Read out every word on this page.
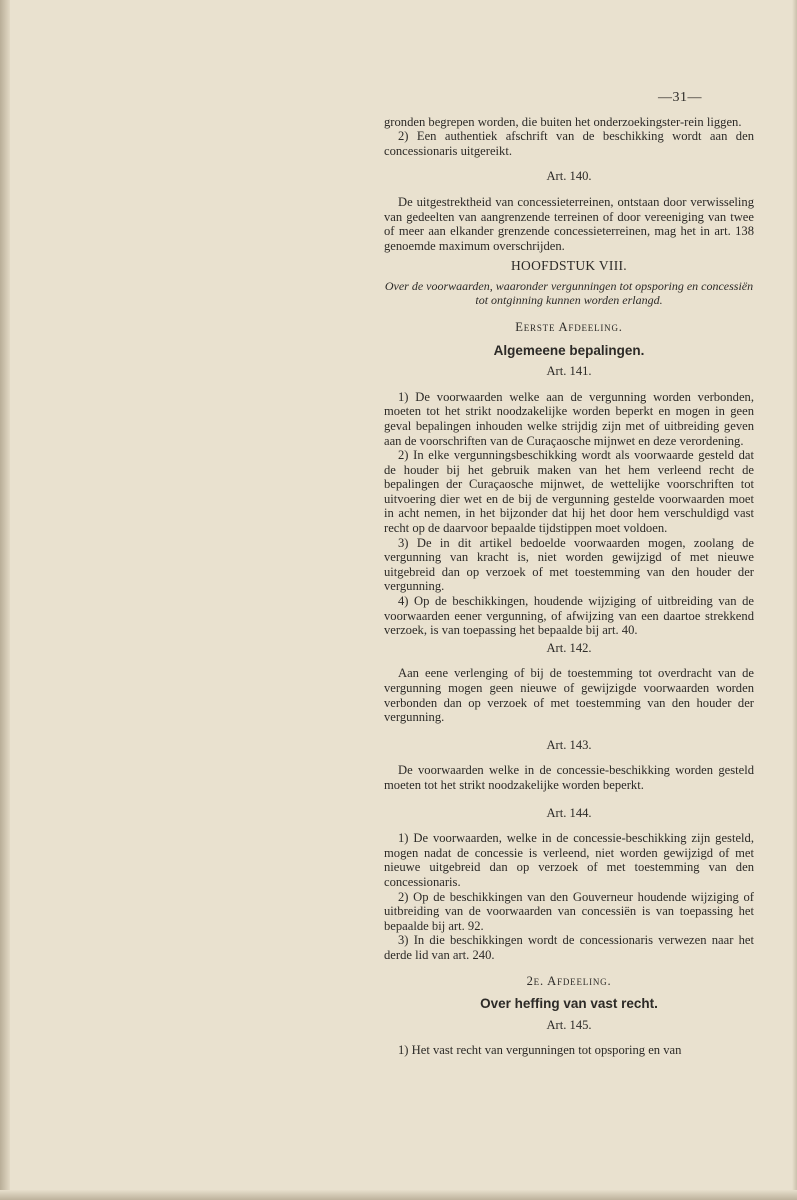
—31—

gronden begrepen worden, die buiten het onderzoekingster-rein liggen.

2) Een authentiek afschrift van de beschikking wordt aan den concessionaris uitgereikt.

Art. 140.

De uitgestrektheid van concessieterreinen, ontstaan door verwisseling van gedeelten van aangrenzende terreinen of door vereeniging van twee of meer aan elkander grenzende concessieterreinen, mag het in art. 138 genoemde maximum overschrijden.

HOOFDSTUK VIII.
Over de voorwaarden, waaronder vergunningen tot opsporing en concessiën tot ontginning kunnen worden erlangd.
Eerste Afdeeling.
Algemeene bepalingen.
Art. 141.

1) De voorwaarden welke aan de vergunning worden verbonden, moeten tot het strikt noodzakelijke worden beperkt en mogen in geen geval bepalingen inhouden welke strijdig zijn met of uitbreiding geven aan de voorschriften van de Curaçaosche mijnwet en deze verordening.

2) In elke vergunningsbeschikking wordt als voorwaarde gesteld dat de houder bij het gebruik maken van het hem verleend recht de bepalingen der Curaçaosche mijnwet, de wettelijke voorschriften tot uitvoering dier wet en de bij de vergunning gestelde voorwaarden moet in acht nemen, in het bijzonder dat hij het door hem verschuldigd vast recht op de daarvoor bepaalde tijdstippen moet voldoen.

3) De in dit artikel bedoelde voorwaarden mogen, zoolang de vergunning van kracht is, niet worden gewijzigd of met nieuwe uitgebreid dan op verzoek of met toestemming van den houder der vergunning.

4) Op de beschikkingen, houdende wijziging of uitbreiding van de voorwaarden eener vergunning, of afwijzing van een daartoe strekkend verzoek, is van toepassing het bepaalde bij art. 40.

Art. 142.

Aan eene verlenging of bij de toestemming tot overdracht van de vergunning mogen geen nieuwe of gewijzigde voorwaarden worden verbonden dan op verzoek of met toestemming van den houder der vergunning.

Art. 143.

De voorwaarden welke in de concessie-beschikking worden gesteld moeten tot het strikt noodzakelijke worden beperkt.

Art. 144.

1) De voorwaarden, welke in de concessie-beschikking zijn gesteld, mogen nadat de concessie is verleend, niet worden gewijzigd of met nieuwe uitgebreid dan op verzoek of met toestemming van den concessionaris.

2) Op de beschikkingen van den Gouverneur houdende wijziging of uitbreiding van de voorwaarden van concessiën is van toepassing het bepaalde bij art. 92.

3) In die beschikkingen wordt de concessionaris verwezen naar het derde lid van art. 240.

2e. Afdeeling.
Over heffing van vast recht.
Art. 145.

1) Het vast recht van vergunningen tot opsporing en van
